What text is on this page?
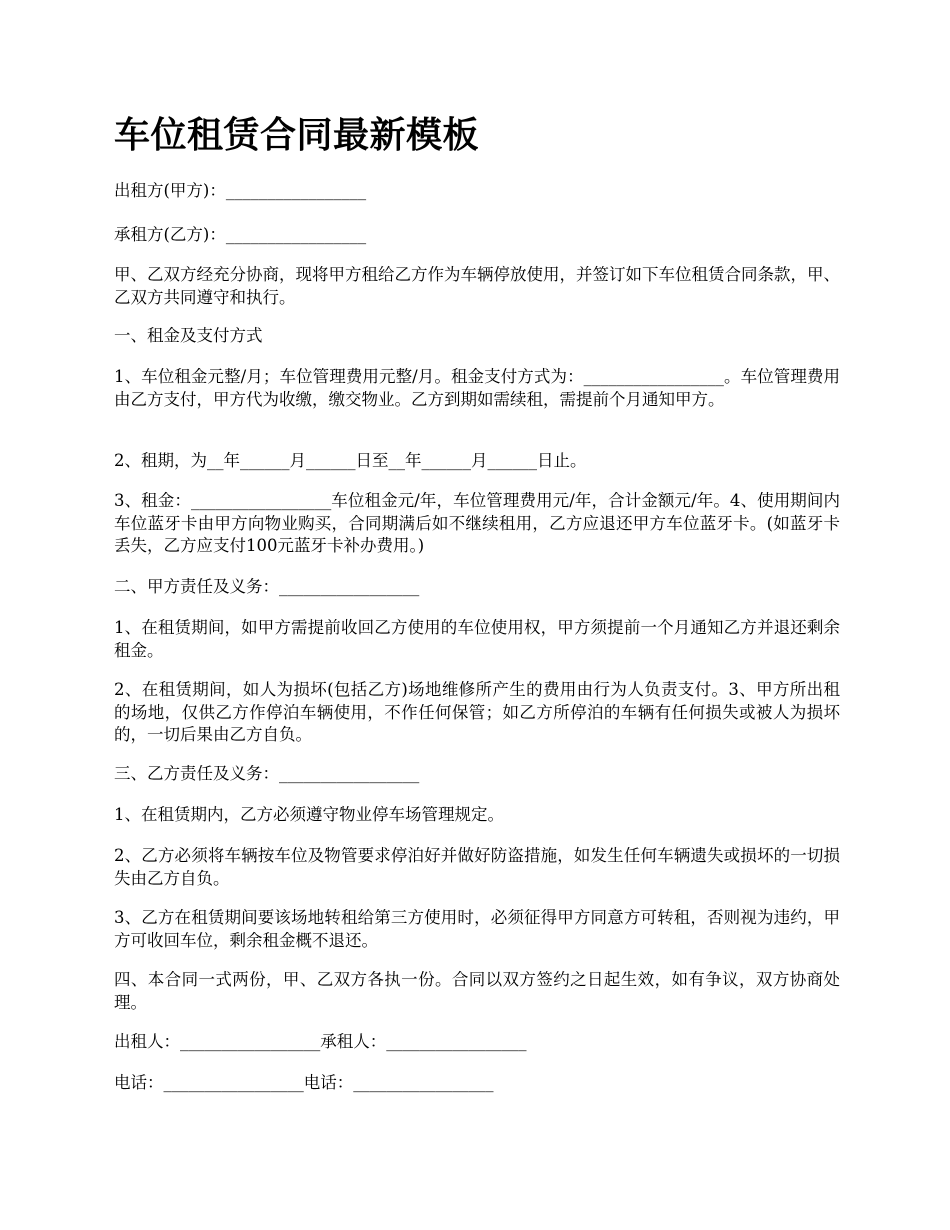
车位租赁合同最新模板
出租方(甲方)：_________________
承租方(乙方)：_________________
甲、乙双方经充分协商，现将甲方租给乙方作为车辆停放使用，并签订如下车位租赁合同条款，甲、乙双方共同遵守和执行。
一、租金及支付方式
1、车位租金元整/月；车位管理费用元整/月。租金支付方式为：_________________。车位管理费用由乙方支付，甲方代为收缴，缴交物业。乙方到期如需续租，需提前个月通知甲方。
2、租期，为__年______月______日至__年______月______日止。
3、租金：_________________车位租金元/年，车位管理费用元/年，合计金额元/年。4、使用期间内车位蓝牙卡由甲方向物业购买，合同期满后如不继续租用，乙方应退还甲方车位蓝牙卡。(如蓝牙卡丢失，乙方应支付100元蓝牙卡补办费用。)
二、甲方责任及义务：_________________
1、在租赁期间，如甲方需提前收回乙方使用的车位使用权，甲方须提前一个月通知乙方并退还剩余租金。
2、在租赁期间，如人为损坏(包括乙方)场地维修所产生的费用由行为人负责支付。3、甲方所出租的场地，仅供乙方作停泊车辆使用，不作任何保管；如乙方所停泊的车辆有任何损失或被人为损坏的，一切后果由乙方自负。
三、乙方责任及义务：_________________
1、在租赁期内，乙方必须遵守物业停车场管理规定。
2、乙方必须将车辆按车位及物管要求停泊好并做好防盗措施，如发生任何车辆遗失或损坏的一切损失由乙方自负。
3、乙方在租赁期间要该场地转租给第三方使用时，必须征得甲方同意方可转租，否则视为违约，甲方可收回车位，剩余租金概不退还。
四、本合同一式两份，甲、乙双方各执一份。合同以双方签约之日起生效，如有争议，双方协商处理。
出租人：_________________承租人：_________________
电话：_________________电话：_________________
